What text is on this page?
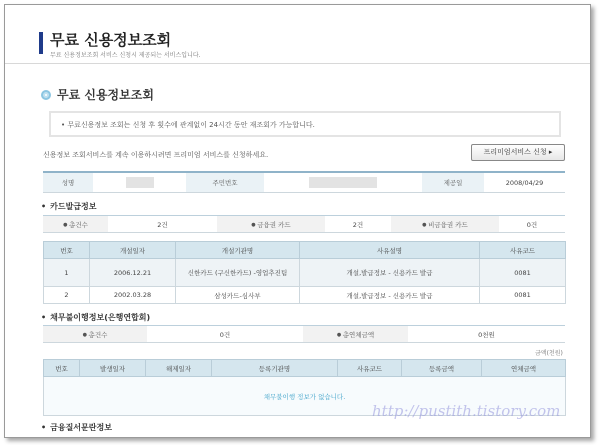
무료 신용정보조회
무료 신용정보조회 서비스 신청시 제공되는 서비스입니다.
무료 신용정보조회
• 무료신용정보 조회는 신청 후 횟수에 관계없이 24시간 동안 재조회가 가능합니다.
신용정보 조회서비스를 계속 이용하시려면 프리미엄 서비스를 신청하세요.	프리미엄서비스 신청 ▸
성명		주민번호		제공일	2008/04/29
• 카드발급정보
● 총건수	2건	●금융권 카드	2건	●비금융권 카드	0건
번호	개설일자	개설기관명	사유설명	사유코드
1	2006.12.21	신한카드 (구신한카드) -영업추진팀	개설,발급정보 - 신용카드 발급	0081
2	2002.03.28	삼성카드-심사부	개설,발급정보 - 신용카드 발급	0081
• 채무불이행정보(은행연합회)
● 총건수	0건	●총연체금액	0천원
금액(천원)
번호	발생일자	해제일자	등록기관명	사유코드	등록금액	연체금액
채무불이행 정보가 없습니다.
• 금융질서문란정보
http://pustith.tistory.com
